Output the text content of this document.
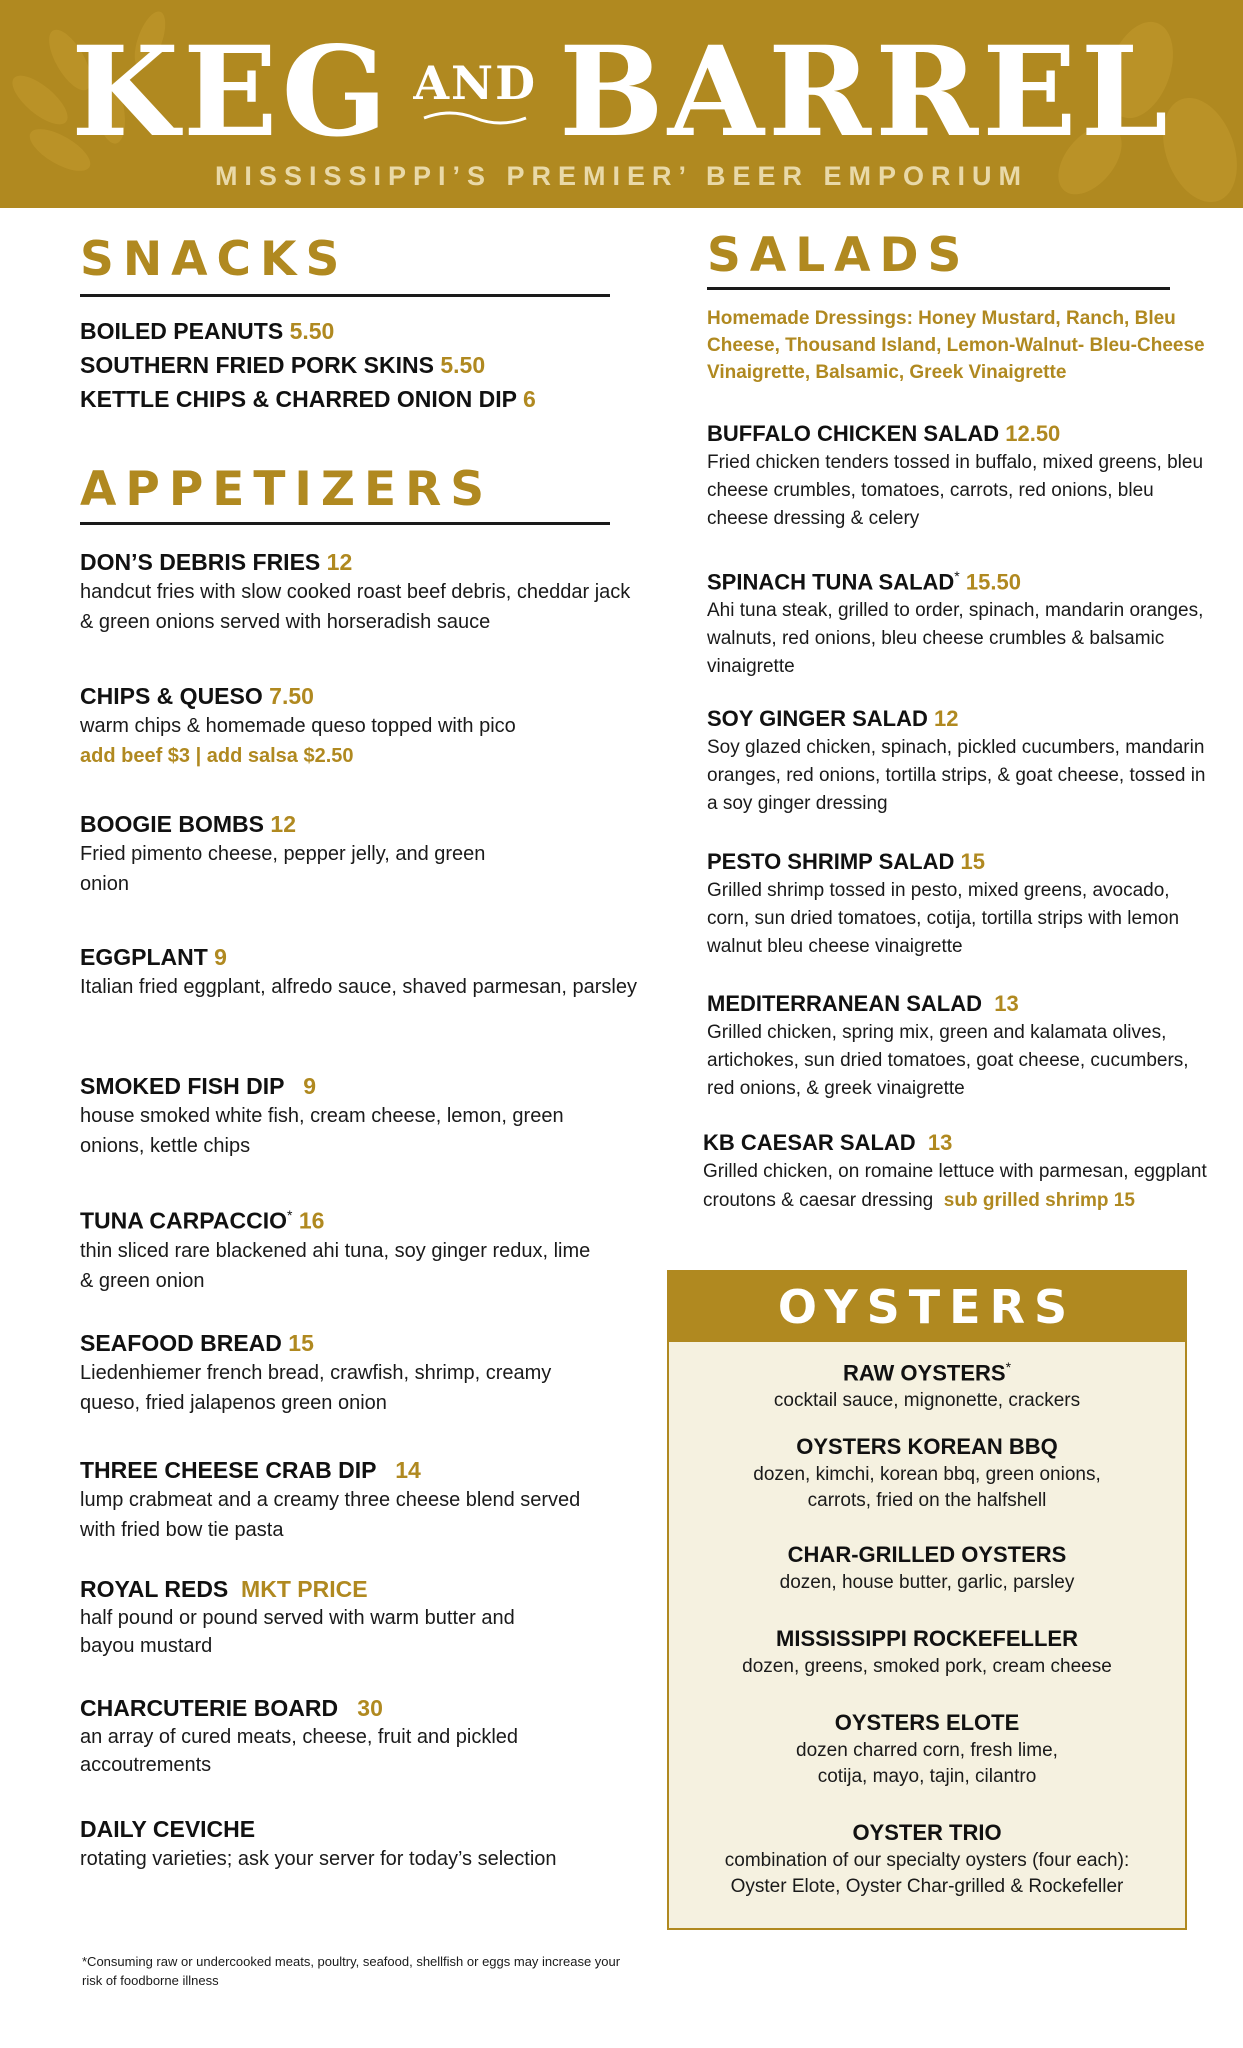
KEG AND BARREL
MISSISSIPPI’S PREMIER’ BEER EMPORIUM
SNACKS
BOILED PEANUTS 5.50
SOUTHERN FRIED PORK SKINS 5.50
KETTLE CHIPS & CHARRED ONION DIP 6
APPETIZERS
DON’S DEBRIS FRIES 12
handcut fries with slow cooked roast beef debris, cheddar jack & green onions served with horseradish sauce
CHIPS & QUESO 7.50
warm chips & homemade queso topped with pico
add beef $3 | add salsa $2.50
BOOGIE BOMBS 12
Fried pimento cheese, pepper jelly, and green onion
EGGPLANT 9
Italian fried eggplant, alfredo sauce, shaved parmesan, parsley
SMOKED FISH DIP 9
house smoked white fish, cream cheese, lemon, green onions, kettle chips
TUNA CARPACCIO* 16
thin sliced rare blackened ahi tuna, soy ginger redux, lime & green onion
SEAFOOD BREAD 15
Liedenhiemer french bread, crawfish, shrimp, creamy queso, fried jalapenos green onion
THREE CHEESE CRAB DIP 14
lump crabmeat and a creamy three cheese blend served with fried bow tie pasta
ROYAL REDS MKT PRICE
half pound or pound served with warm butter and bayou mustard
CHARCUTERIE BOARD 30
an array of cured meats, cheese, fruit and pickled accoutrements
DAILY CEVICHE
rotating varieties; ask your server for today’s selection
SALADS
Homemade Dressings: Honey Mustard, Ranch, Bleu Cheese, Thousand Island, Lemon-Walnut- Bleu-Cheese Vinaigrette, Balsamic, Greek Vinaigrette
BUFFALO CHICKEN SALAD 12.50
Fried chicken tenders tossed in buffalo, mixed greens, bleu cheese crumbles, tomatoes, carrots, red onions, bleu cheese dressing & celery
SPINACH TUNA SALAD* 15.50
Ahi tuna steak, grilled to order, spinach, mandarin oranges, walnuts, red onions, bleu cheese crumbles & balsamic vinaigrette
SOY GINGER SALAD 12
Soy glazed chicken, spinach, pickled cucumbers, mandarin oranges, red onions, tortilla strips, & goat cheese, tossed in a soy ginger dressing
PESTO SHRIMP SALAD 15
Grilled shrimp tossed in pesto, mixed greens, avocado, corn, sun dried tomatoes, cotija, tortilla strips with lemon walnut bleu cheese vinaigrette
MEDITERRANEAN SALAD 13
Grilled chicken, spring mix, green and kalamata olives, artichokes, sun dried tomatoes, goat cheese, cucumbers, red onions, & greek vinaigrette
KB CAESAR SALAD 13
Grilled chicken, on romaine lettuce with parmesan, eggplant croutons & caesar dressing sub grilled shrimp 15
OYSTERS
RAW OYSTERS*
cocktail sauce, mignonette, crackers
OYSTERS KOREAN BBQ
dozen, kimchi, korean bbq, green onions, carrots, fried on the halfshell
CHAR-GRILLED OYSTERS
dozen, house butter, garlic, parsley
MISSISSIPPI ROCKEFELLER
dozen, greens, smoked pork, cream cheese
OYSTERS ELOTE
dozen charred corn, fresh lime, cotija, mayo, tajin, cilantro
OYSTER TRIO
combination of our specialty oysters (four each): Oyster Elote, Oyster Char-grilled & Rockefeller
*Consuming raw or undercooked meats, poultry, seafood, shellfish or eggs may increase your risk of foodborne illness
